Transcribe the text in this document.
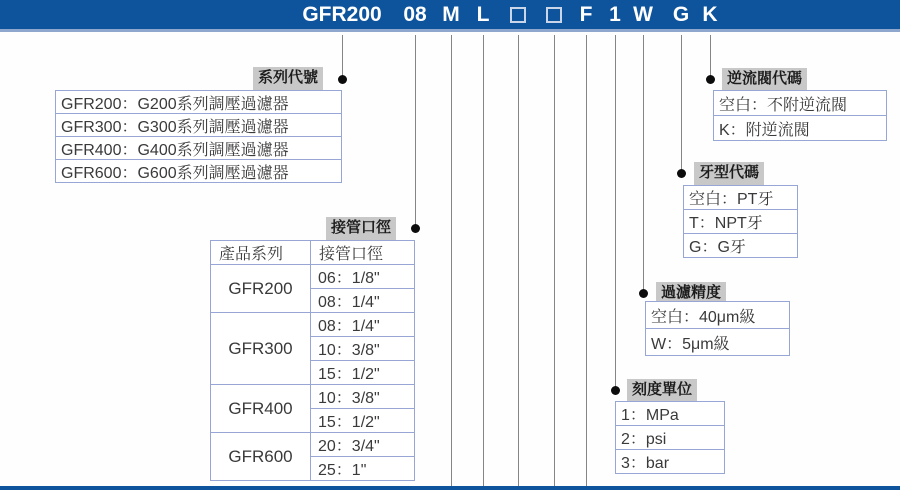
GFR200 08 M L	F 1 W G K
系列代號
接管口徑
逆流閥代碼
牙型代碼
過濾精度
刻度單位
GFR200：G200系列調壓過濾器
GFR300：G300系列調壓過濾器
GFR400：G400系列調壓過濾器
GFR600：G600系列調壓過濾器
產品系列	接管口徑
GFR200	06：1/8"
	08：1/4"
GFR300	08：1/4"
	10：3/8"
	15：1/2"
GFR400	10：3/8"
	15：1/2"
GFR600	20：3/4"
	25：1"
空白：不附逆流閥
K：附逆流閥
空白：PT牙
T：NPT牙
G：G牙
空白：40μm級
W：5μm級
1：MPa
2：psi
3：bar
